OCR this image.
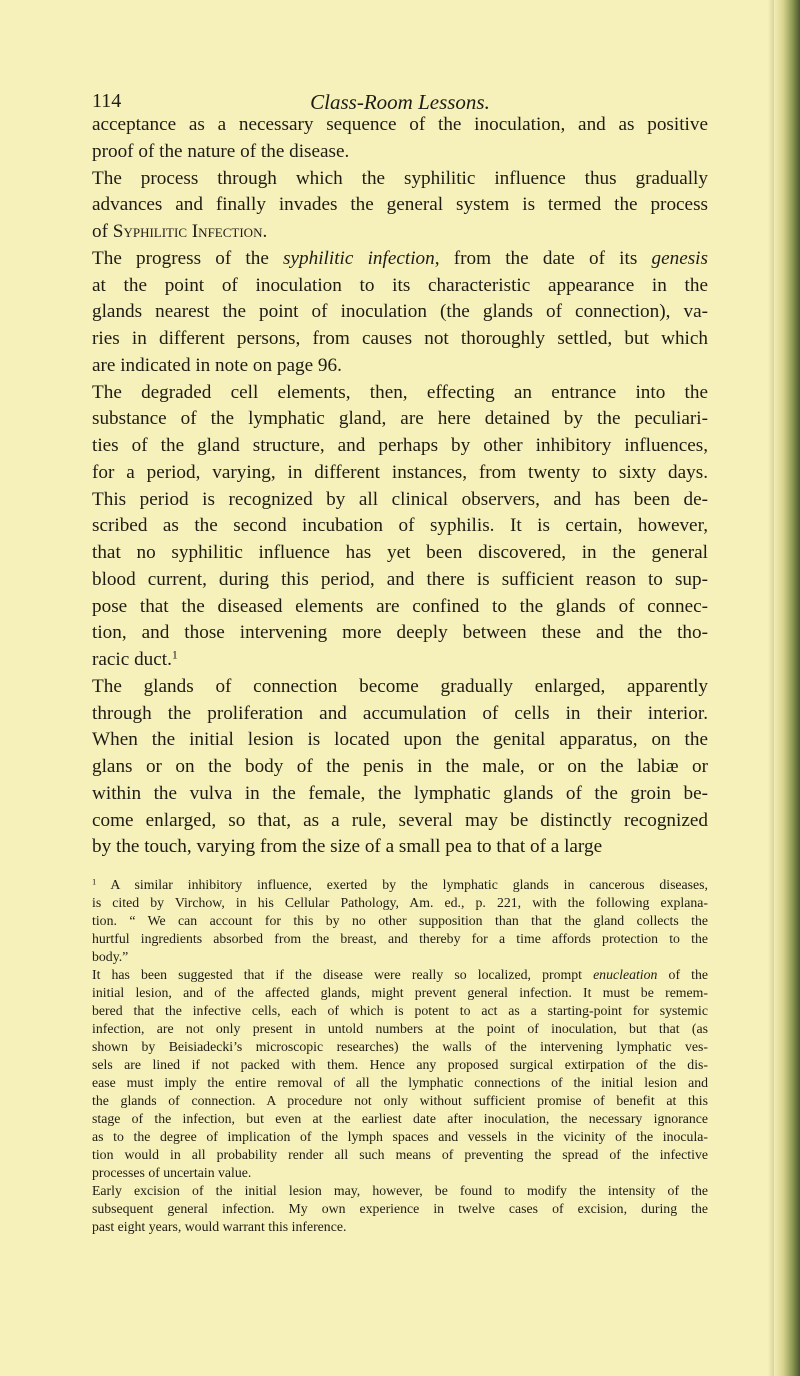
114	Class-Room Lessons.
acceptance as a necessary sequence of the inoculation, and as positive
proof of the nature of the disease.
The process through which the syphilitic influence thus gradually
advances and finally invades the general system is termed the process
of Syphilitic Infection.
The progress of the syphilitic infection, from the date of its genesis
at the point of inoculation to its characteristic appearance in the
glands nearest the point of inoculation (the glands of connection), va-
ries in different persons, from causes not thoroughly settled, but which
are indicated in note on page 96.
The degraded cell elements, then, effecting an entrance into the
substance of the lymphatic gland, are here detained by the peculiari-
ties of the gland structure, and perhaps by other inhibitory influences,
for a period, varying, in different instances, from twenty to sixty days.
This period is recognized by all clinical observers, and has been de-
scribed as the second incubation of syphilis. It is certain, however,
that no syphilitic influence has yet been discovered, in the general
blood current, during this period, and there is sufficient reason to sup-
pose that the diseased elements are confined to the glands of connec-
tion, and those intervening more deeply between these and the tho-
racic duct.$^1$
The glands of connection become gradually enlarged, apparently
through the proliferation and accumulation of cells in their interior.
When the initial lesion is located upon the genital apparatus, on the
glans or on the body of the penis in the male, or on the labiæ or
within the vulva in the female, the lymphatic glands of the groin be-
come enlarged, so that, as a rule, several may be distinctly recognized
by the touch, varying from the size of a small pea to that of a large
$^1$ A similar inhibitory influence, exerted by the lymphatic glands in cancerous diseases,
is cited by Virchow, in his Cellular Pathology, Am. ed., p. 221, with the following explana-
tion. “ We can account for this by no other supposition than that the gland collects the
hurtful ingredients absorbed from the breast, and thereby for a time affords protection to the
body.”
It has been suggested that if the disease were really so localized, prompt enucleation of the
initial lesion, and of the affected glands, might prevent general infection. It must be remem-
bered that the infective cells, each of which is potent to act as a starting-point for systemic
infection, are not only present in untold numbers at the point of inoculation, but that (as
shown by Beisiadecki’s microscopic researches) the walls of the intervening lymphatic ves-
sels are lined if not packed with them. Hence any proposed surgical extirpation of the dis-
ease must imply the entire removal of all the lymphatic connections of the initial lesion and
the glands of connection. A procedure not only without sufficient promise of benefit at this
stage of the infection, but even at the earliest date after inoculation, the necessary ignorance
as to the degree of implication of the lymph spaces and vessels in the vicinity of the inocula-
tion would in all probability render all such means of preventing the spread of the infective
processes of uncertain value.
Early excision of the initial lesion may, however, be found to modify the intensity of the
subsequent general infection. My own experience in twelve cases of excision, during the
past eight years, would warrant this inference.
